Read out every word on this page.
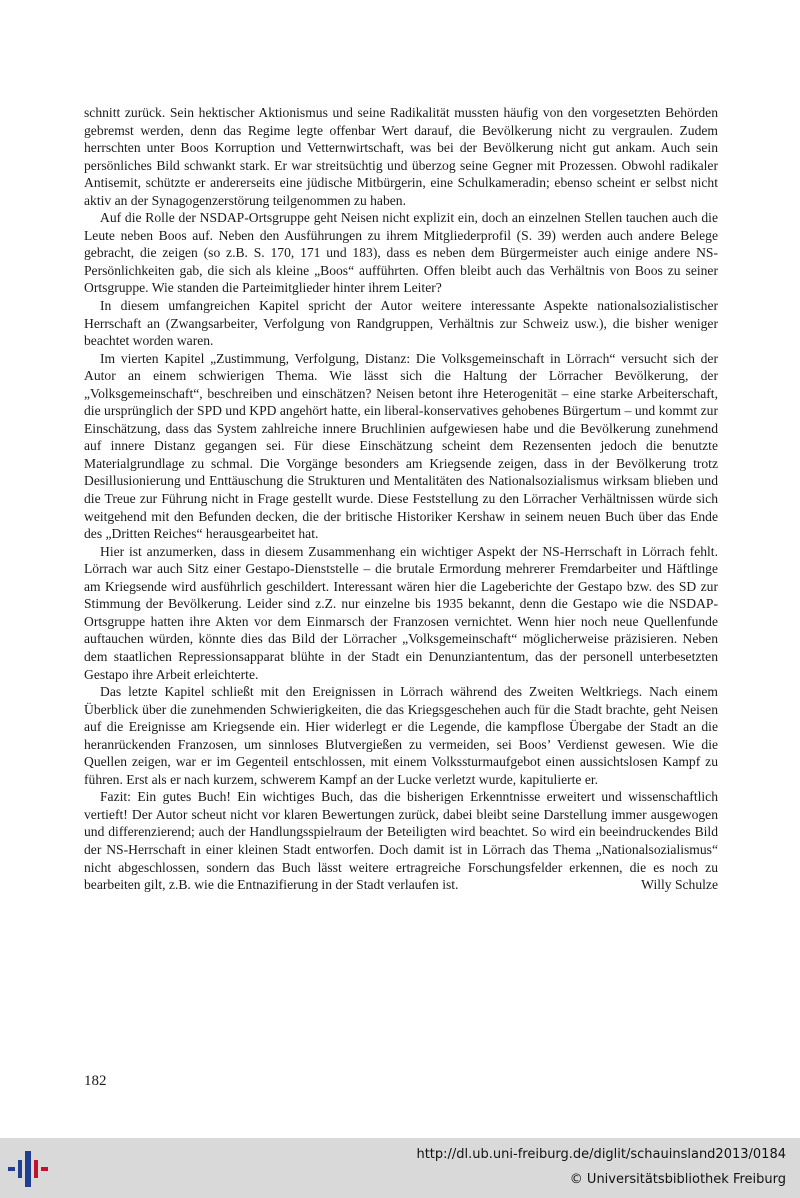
schnitt zurück. Sein hektischer Aktionismus und seine Radikalität mussten häufig von den vorgesetzten Behörden gebremst werden, denn das Regime legte offenbar Wert darauf, die Bevölkerung nicht zu vergraulen. Zudem herrschten unter Boos Korruption und Vetternwirtschaft, was bei der Bevölkerung nicht gut ankam. Auch sein persönliches Bild schwankt stark. Er war streitsüchtig und überzog seine Gegner mit Prozessen. Obwohl radikaler Antisemit, schützte er andererseits eine jüdische Mitbürgerin, eine Schulkameradin; ebenso scheint er selbst nicht aktiv an der Synagogenzerstörung teilgenommen zu haben.

Auf die Rolle der NSDAP-Ortsgruppe geht Neisen nicht explizit ein, doch an einzelnen Stellen tauchen auch die Leute neben Boos auf. Neben den Ausführungen zu ihrem Mitgliederprofil (S. 39) werden auch andere Belege gebracht, die zeigen (so z.B. S. 170, 171 und 183), dass es neben dem Bürgermeister auch einige andere NS-Persönlichkeiten gab, die sich als kleine „Boos“ aufführten. Offen bleibt auch das Verhältnis von Boos zu seiner Ortsgruppe. Wie standen die Parteimitglieder hinter ihrem Leiter?

In diesem umfangreichen Kapitel spricht der Autor weitere interessante Aspekte nationalsozialistischer Herrschaft an (Zwangsarbeiter, Verfolgung von Randgruppen, Verhältnis zur Schweiz usw.), die bisher weniger beachtet worden waren.

Im vierten Kapitel „Zustimmung, Verfolgung, Distanz: Die Volksgemeinschaft in Lörrach“ versucht sich der Autor an einem schwierigen Thema. Wie lässt sich die Haltung der Lörracher Bevölkerung, der „Volksgemeinschaft“, beschreiben und einschätzen? Neisen betont ihre Heterogenität – eine starke Arbeiterschaft, die ursprünglich der SPD und KPD angehört hatte, ein liberal-konservatives gehobenes Bürgertum – und kommt zur Einschätzung, dass das System zahlreiche innere Bruchlinien aufgewiesen habe und die Bevölkerung zunehmend auf innere Distanz gegangen sei. Für diese Einschätzung scheint dem Rezensenten jedoch die benutzte Materialgrundlage zu schmal. Die Vorgänge besonders am Kriegsende zeigen, dass in der Bevölkerung trotz Desillusionierung und Enttäuschung die Strukturen und Mentalitäten des Nationalsozialismus wirksam blieben und die Treue zur Führung nicht in Frage gestellt wurde. Diese Feststellung zu den Lörracher Verhältnissen würde sich weitgehend mit den Befunden decken, die der britische Historiker Kershaw in seinem neuen Buch über das Ende des „Dritten Reiches“ herausgearbeitet hat.

Hier ist anzumerken, dass in diesem Zusammenhang ein wichtiger Aspekt der NS-Herrschaft in Lörrach fehlt. Lörrach war auch Sitz einer Gestapo-Dienststelle – die brutale Ermordung mehrerer Fremdarbeiter und Häftlinge am Kriegsende wird ausführlich geschildert. Interessant wären hier die Lageberichte der Gestapo bzw. des SD zur Stimmung der Bevölkerung. Leider sind z.Z. nur einzelne bis 1935 bekannt, denn die Gestapo wie die NSDAP-Ortsgruppe hatten ihre Akten vor dem Einmarsch der Franzosen vernichtet. Wenn hier noch neue Quellenfunde auftauchen würden, könnte dies das Bild der Lörracher „Volksgemeinschaft“ möglicherweise präzisieren. Neben dem staatlichen Repressionsapparat blühte in der Stadt ein Denunziantentum, das der personell unterbesetzten Gestapo ihre Arbeit erleichterte.

Das letzte Kapitel schließt mit den Ereignissen in Lörrach während des Zweiten Weltkriegs. Nach einem Überblick über die zunehmenden Schwierigkeiten, die das Kriegsgeschehen auch für die Stadt brachte, geht Neisen auf die Ereignisse am Kriegsende ein. Hier widerlegt er die Legende, die kampflose Übergabe der Stadt an die heranrückenden Franzosen, um sinnloses Blutvergießen zu vermeiden, sei Boos’ Verdienst gewesen. Wie die Quellen zeigen, war er im Gegenteil entschlossen, mit einem Volkssturmaufgebot einen aussichtslosen Kampf zu führen. Erst als er nach kurzem, schwerem Kampf an der Lucke verletzt wurde, kapitulierte er.

Fazit: Ein gutes Buch! Ein wichtiges Buch, das die bisherigen Erkenntnisse erweitert und wissenschaftlich vertieft! Der Autor scheut nicht vor klaren Bewertungen zurück, dabei bleibt seine Darstellung immer ausgewogen und differenzierend; auch der Handlungsspielraum der Beteiligten wird beachtet. So wird ein beeindruckendes Bild der NS-Herrschaft in einer kleinen Stadt entworfen. Doch damit ist in Lörrach das Thema „Nationalsozialismus“ nicht abgeschlossen, sondern das Buch lässt weitere ertragreiche Forschungsfelder erkennen, die es noch zu bearbeiten gilt, z.B. wie die Entnazifierung in der Stadt verlaufen ist.	Willy Schulze

182
http://dl.ub.uni-freiburg.de/diglit/schauinsland2013/0184
© Universitätsbibliothek Freiburg
